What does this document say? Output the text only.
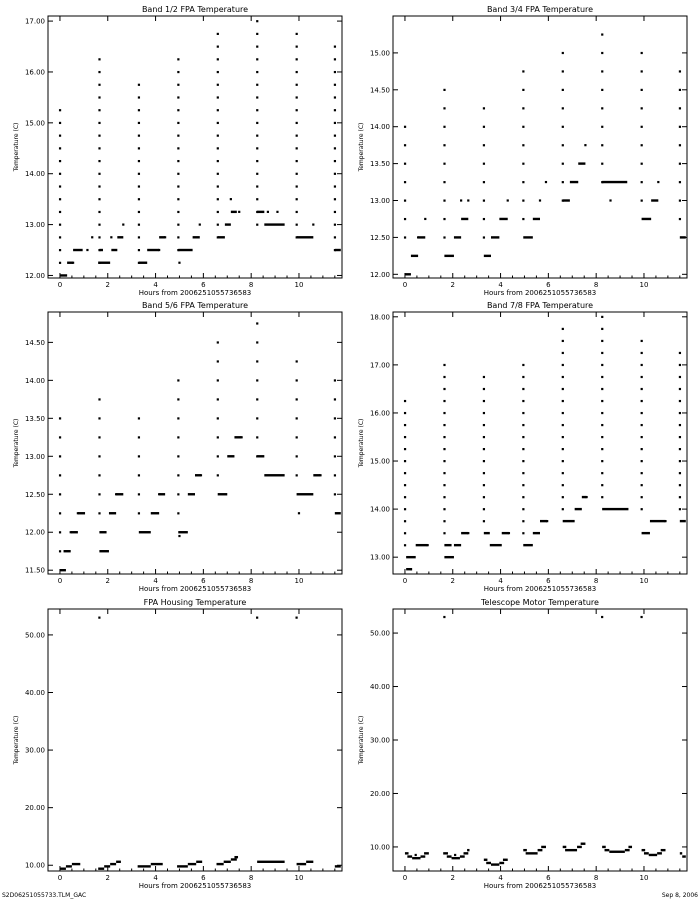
Band 1/2 FPA Temperature
Hours from 2006251055736583
Temperature (C)
0	2	4	6	8	10
12.00
13.00
14.00
15.00
16.00
17.00
Band 3/4 FPA Temperature
Hours from 2006251055736583
Temperature (C)
0	2	4	6	8	10
12.00
12.50
13.00
13.50
14.00
14.50
15.00
Band 5/6 FPA Temperature
Hours from 2006251055736583
Temperature (C)
0	2	4	6	8	10
11.50
12.00
12.50
13.00
13.50
14.00
14.50
Band 7/8 FPA Temperature
Hours from 2006251055736583
Temperature (C)
0	2	4	6	8	10
13.00
14.00
15.00
16.00
17.00
18.00
FPA Housing Temperature
Hours from 2006251055736583
Temperature (C)
0	2	4	6	8	10
10.00
20.00
30.00
40.00
50.00
Telescope Motor Temperature
Hours from 2006251055736583
Temperature (C)
0	2	4	6	8	10
10.00
20.00
30.00
40.00
50.00
S2D06251055733.TLM_GAC	Sep 8, 2006
